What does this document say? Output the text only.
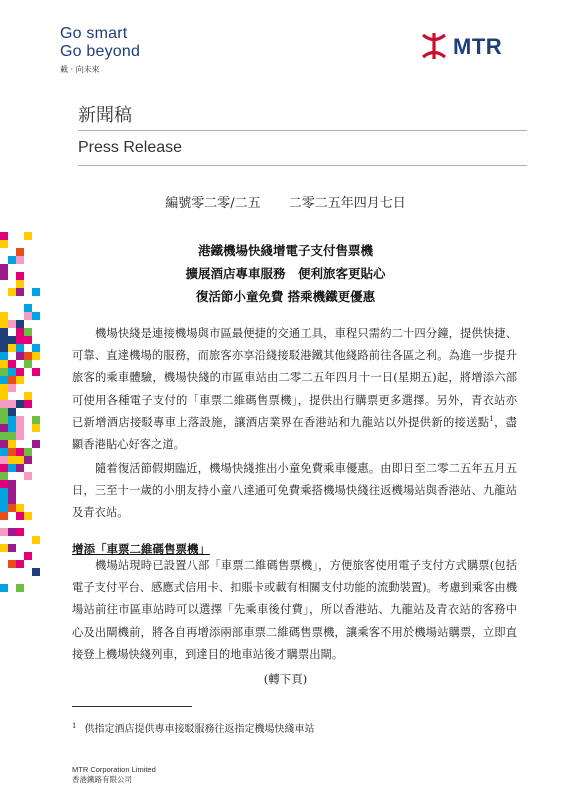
Go smart
Go beyond
載 · 向未來
MTR
新聞稿
Press Release
編號零二零/二五 二零二五年四月七日
港鐵機場快綫增電子支付售票機
擴展酒店專車服務　便利旅客更貼心
復活節小童免費 搭乘機鐵更優惠
機場快綫是連接機場與市區最便捷的交通工具，車程只需約二十四分鐘，提供快捷、可靠、直達機場的服務，而旅客亦享沿綫接駁港鐵其他綫路前往各區之利。為進一步提升旅客的乘車體驗，機場快綫的市區車站由二零二五年四月十一日(星期五)起，將增添六部可使用各種電子支付的「車票二維碼售票機」，提供出行購票更多選擇。另外，青衣站亦已新增酒店接駁專車上落設施，讓酒店業界在香港站和九龍站以外提供新的接送點$^1$，盡顯香港貼心好客之道。
隨着復活節假期臨近，機場快綫推出小童免費乘車優惠。由即日至二零二五年五月五日，三至十一歲的小朋友持小童八達通可免費乘搭機場快綫往返機場站與香港站、九龍站及青衣站。
增添「車票二維碼售票機」
機場站現時已設置八部「車票二維碼售票機」，方便旅客使用電子支付方式購票(包括電子支付平台、感應式信用卡、扣賬卡或載有相關支付功能的流動裝置)。考慮到乘客由機場站前往市區車站時可以選擇「先乘車後付費」，所以香港站、九龍站及青衣站的客務中心及出閘機前，將各自再增添兩部車票二維碼售票機，讓乘客不用於機場站購票，立即直接登上機場快綫列車，到達目的地車站後才購票出閘。
(轉下頁)
$^1$ 供指定酒店提供專車接駁服務往返指定機場快綫車站
MTR Corporation Limited
香港鐵路有限公司
